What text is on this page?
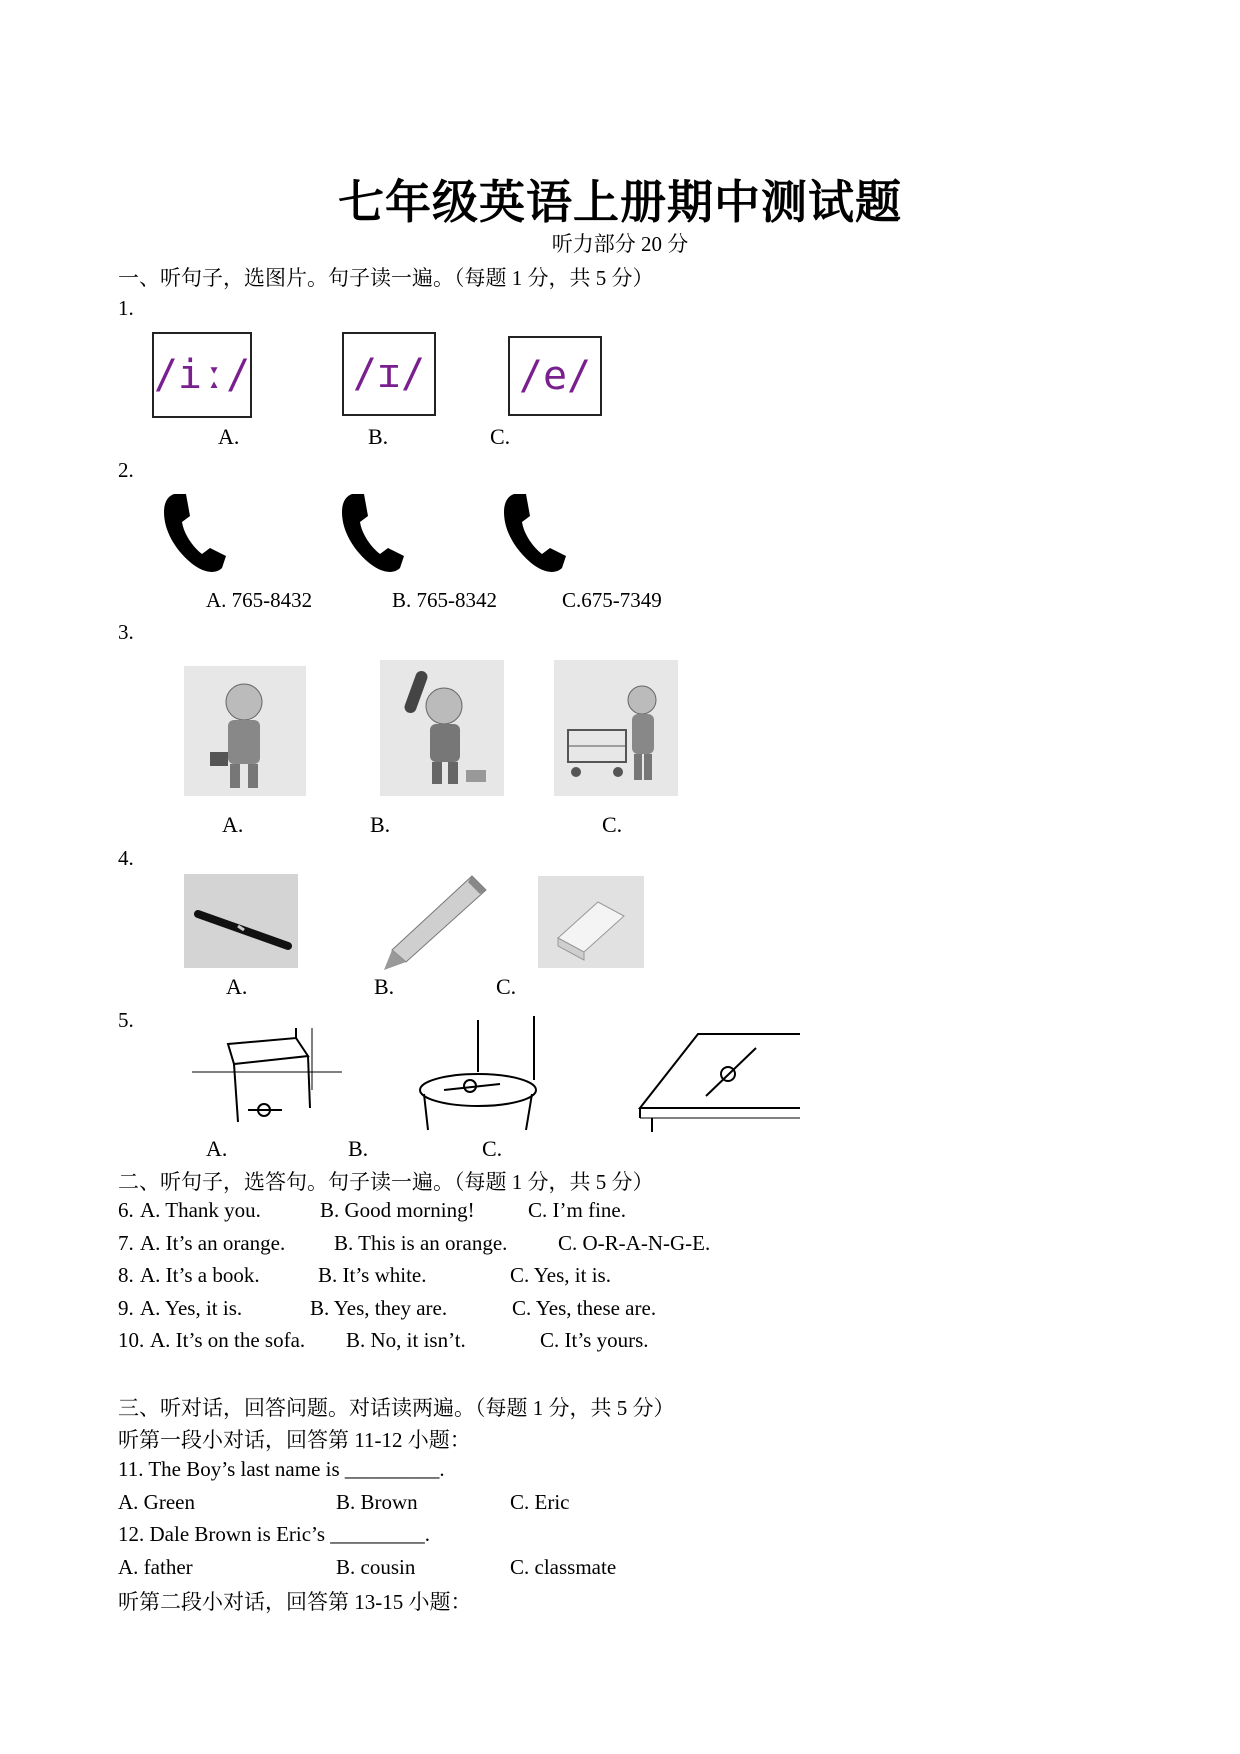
七年级英语上册期中测试题
听力部分 20 分
一、听句子，选图片。句子读一遍。（每题 1 分，共 5 分）
1.
/iː/	/ɪ/ /e/
A.	B.	C.
2.
A. 765-8432	B. 765-8342	C.675-7349
3.
A.	B.	C.
4.
A.	B.	C.
5.
A.	B.	C.
二、听句子，选答句。句子读一遍。（每题 1 分，共 5 分）
6. A. Thank you.	B. Good morning!	C. I’m fine.
7. A. It’s an orange. B. This is an orange. C. O-R-A-N-G-E.
8. A. It’s a book.	B. It’s white.	C. Yes, it is.
9. A. Yes, it is.	B. Yes, they are.	C. Yes, these are.
10. A. It’s on the sofa. B. No, it isn’t.	C. It’s yours.
三、听对话，回答问题。对话读两遍。（每题 1 分，共 5 分）
听第一段小对话，回答第 11-12 小题：
11. The Boy’s last name is _________.
A. Green	B. Brown	C. Eric
12. Dale Brown is Eric’s _________.
A. father	B. cousin	C. classmate
听第二段小对话，回答第 13-15 小题：
